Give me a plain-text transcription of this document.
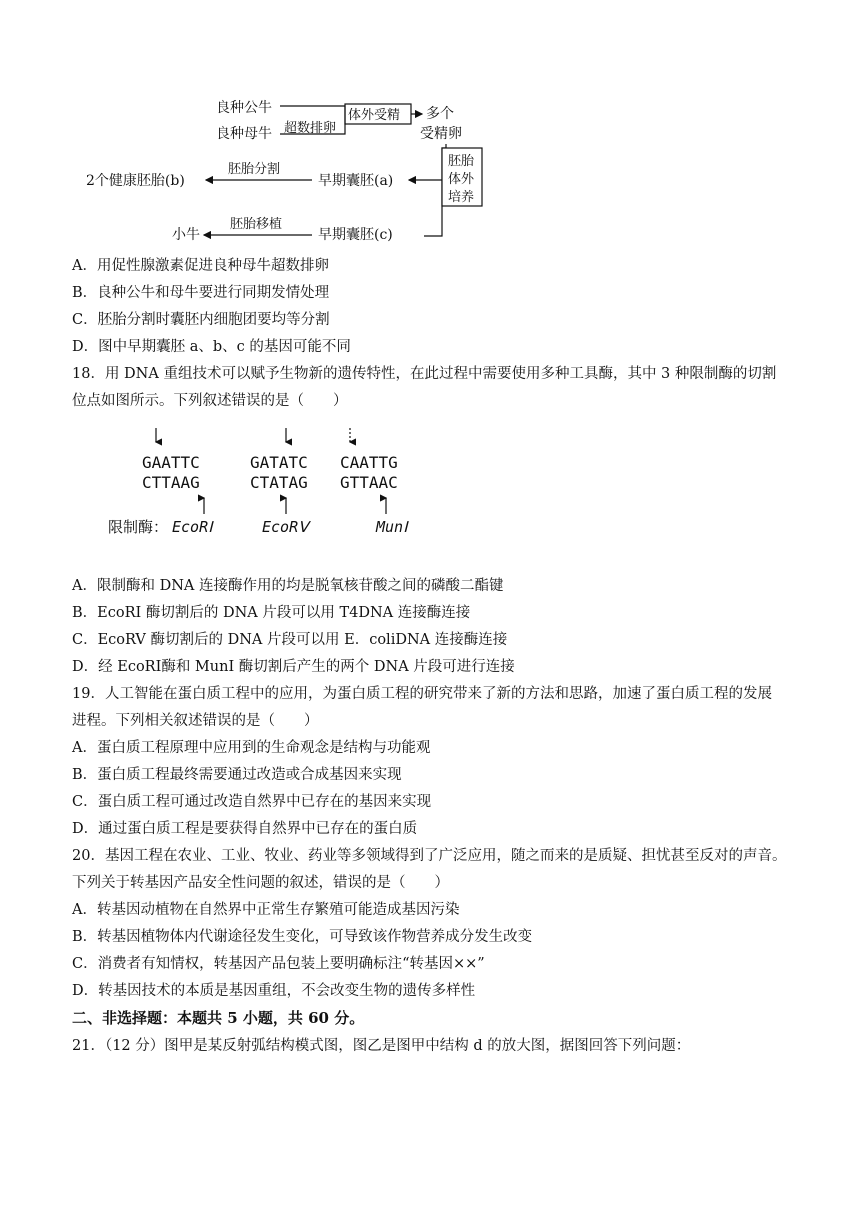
良种公牛
良种母牛 超数排卵
体外受精 多个
受精卵
胚胎
体外
培养
早期囊胚(a)
胚胎分割
2个健康胚胎(b)
早期囊胚(c)
胚胎移植
小牛
A．用促性腺激素促进良种母牛超数排卵
B．良种公牛和母牛要进行同期发情处理
C．胚胎分割时囊胚内细胞团要均等分割
D．图中早期囊胚 a、b、c 的基因可能不同
18．用 DNA 重组技术可以赋予生物新的遗传特性，在此过程中需要使用多种工具酶，其中 3 种限制酶的切割
位点如图所示。下列叙述错误的是（　　）
GAATTC
CTTAAG
GATATC
CTATAG
CAATTG
GTTAAC
限制酶： EcoRⅠ	EcoRⅤ	MunⅠ
A．限制酶和 DNA 连接酶作用的均是脱氧核苷酸之间的磷酸二酯键
B．EcoRI 酶切割后的 DNA 片段可以用 T4DNA 连接酶连接
C．EcoRV 酶切割后的 DNA 片段可以用 E．coliDNA 连接酶连接
D．经 EcoRⅠ酶和 MunI 酶切割后产生的两个 DNA 片段可进行连接
19．人工智能在蛋白质工程中的应用，为蛋白质工程的研究带来了新的方法和思路，加速了蛋白质工程的发展
进程。下列相关叙述错误的是（　　）
A．蛋白质工程原理中应用到的生命观念是结构与功能观
B．蛋白质工程最终需要通过改造或合成基因来实现
C．蛋白质工程可通过改造自然界中已存在的基因来实现
D．通过蛋白质工程是要获得自然界中已存在的蛋白质
20．基因工程在农业、工业、牧业、药业等多领域得到了广泛应用，随之而来的是质疑、担忧甚至反对的声音。
下列关于转基因产品安全性问题的叙述，错误的是（　　）
A．转基因动植物在自然界中正常生存繁殖可能造成基因污染
B．转基因植物体内代谢途径发生变化，可导致该作物营养成分发生改变
C．消费者有知情权，转基因产品包装上要明确标注“转基因××”
D．转基因技术的本质是基因重组，不会改变生物的遗传多样性
二、非选择题：本题共 5 小题，共 60 分。
21．（12 分）图甲是某反射弧结构模式图，图乙是图甲中结构 d 的放大图，据图回答下列问题：
